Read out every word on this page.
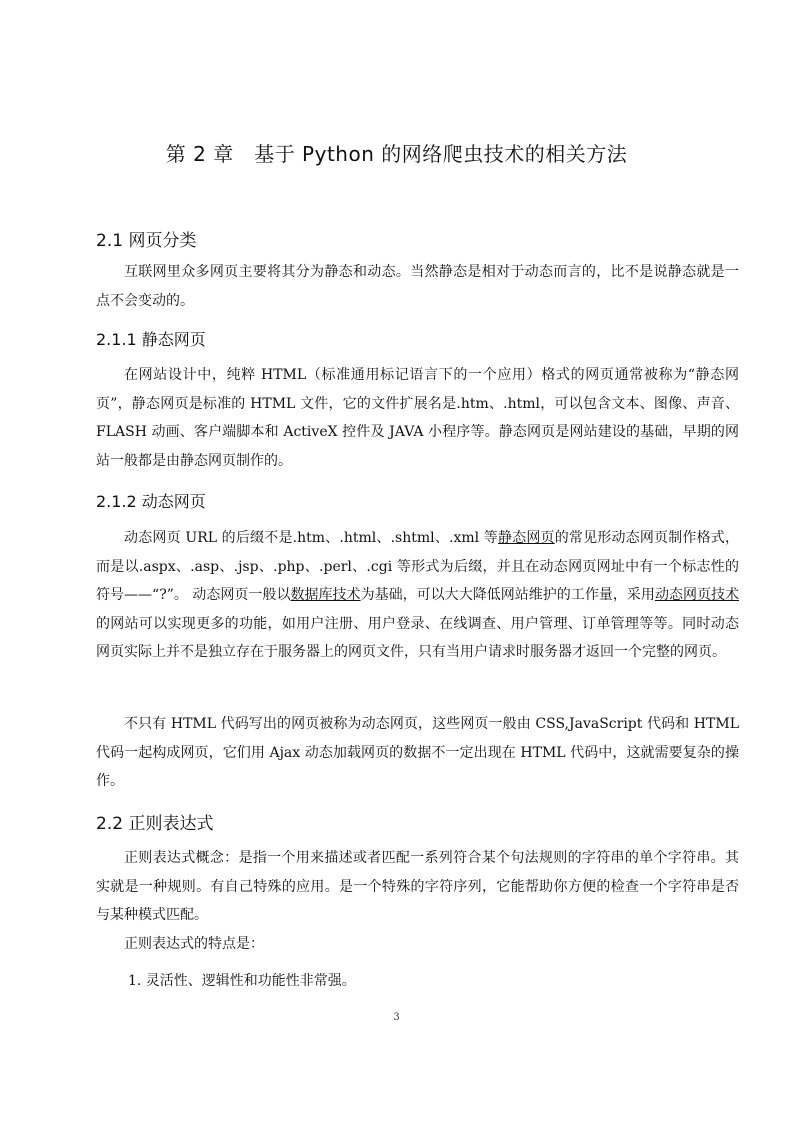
第 2 章　基于 Python 的网络爬虫技术的相关方法
2.1 网页分类

互联网里众多网页主要将其分为静态和动态。当然静态是相对于动态而言的，比不是说静态就是一点不会变动的。

2.1.1 静态网页

在网站设计中，纯粹 HTML（标准通用标记语言下的一个应用）格式的网页通常被称为“静态网页”，静态网页是标准的 HTML 文件，它的文件扩展名是.htm、.html，可以包含文本、图像、声音、FLASH 动画、客户端脚本和 ActiveX 控件及 JAVA 小程序等。静态网页是网站建设的基础，早期的网站一般都是由静态网页制作的。

2.1.2 动态网页

动态网页 URL 的后缀不是.htm、.html、.shtml、.xml 等静态网页的常见形动态网页制作格式，而是以.aspx、.asp、.jsp、.php、.perl、.cgi 等形式为后缀，并且在动态网页网址中有一个标志性的符号——“?”。 动态网页一般以数据库技术为基础，可以大大降低网站维护的工作量，采用动态网页技术的网站可以实现更多的功能，如用户注册、用户登录、在线调查、用户管理、订单管理等等。同时动态网页实际上并不是独立存在于服务器上的网页文件，只有当用户请求时服务器才返回一个完整的网页。

不只有 HTML 代码写出的网页被称为动态网页，这些网页一般由 CSS,JavaScript 代码和 HTML 代码一起构成网页，它们用 Ajax 动态加载网页的数据不一定出现在 HTML 代码中，这就需要复杂的操作。

2.2 正则表达式

正则表达式概念：是指一个用来描述或者匹配一系列符合某个句法规则的字符串的单个字符串。其实就是一种规则。有自己特殊的应用。是一个特殊的字符序列，它能帮助你方便的检查一个字符串是否与某种模式匹配。

正则表达式的特点是：

1. 灵活性、逻辑性和功能性非常强。
3
